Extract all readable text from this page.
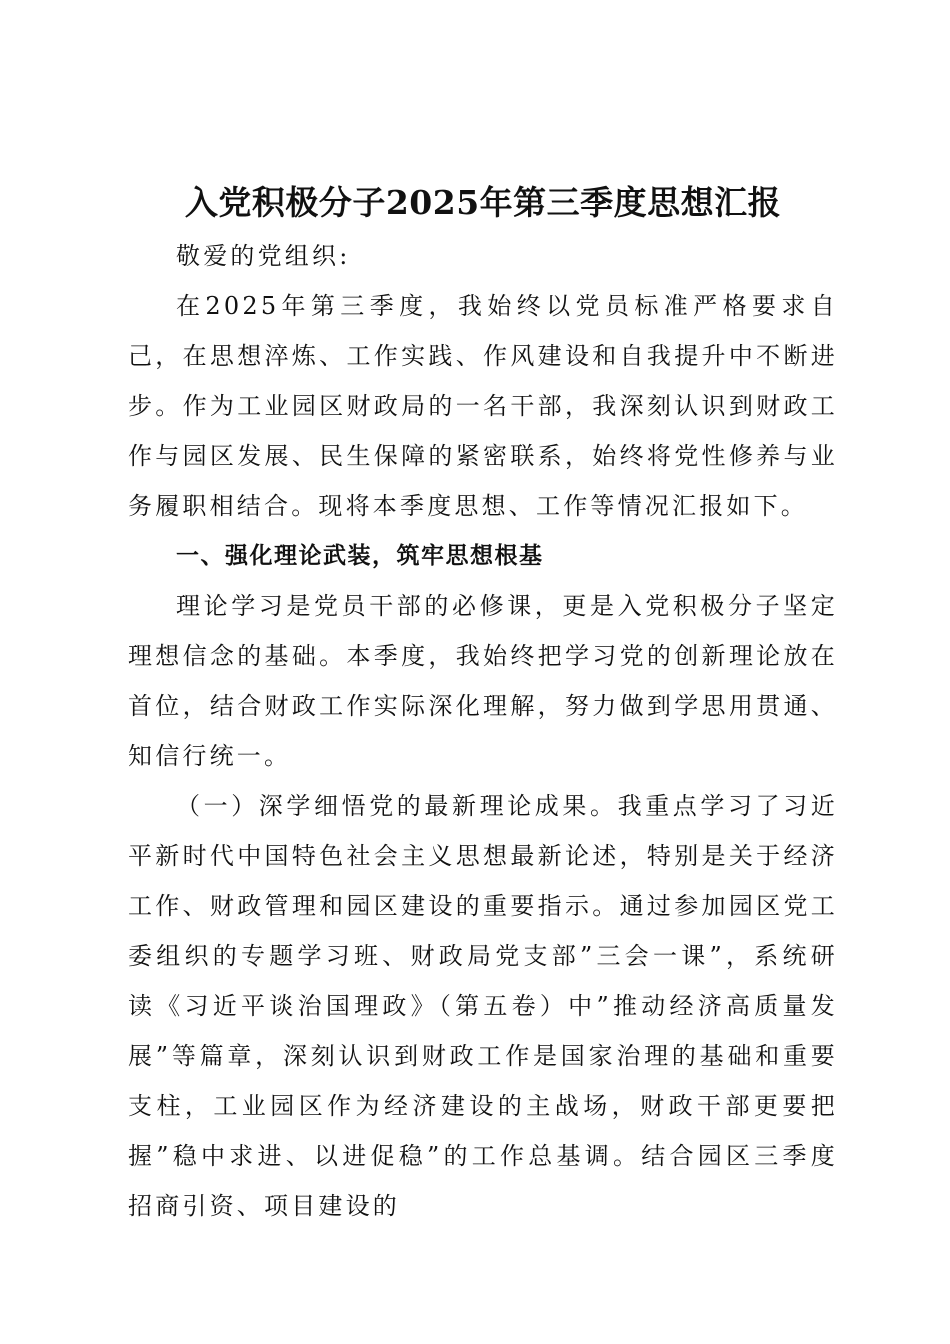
入党积极分子2025年第三季度思想汇报

敬爱的党组织:

在2025年第三季度，我始终以党员标准严格要求自己，在思想淬炼、工作实践、作风建设和自我提升中不断进步。作为工业园区财政局的一名干部，我深刻认识到财政工作与园区发展、民生保障的紧密联系，始终将党性修养与业务履职相结合。现将本季度思想、工作等情况汇报如下。

一、强化理论武装，筑牢思想根基

理论学习是党员干部的必修课，更是入党积极分子坚定理想信念的基础。本季度，我始终把学习党的创新理论放在首位，结合财政工作实际深化理解，努力做到学思用贯通、知信行统一。

（一）深学细悟党的最新理论成果。我重点学习了习近平新时代中国特色社会主义思想最新论述，特别是关于经济工作、财政管理和园区建设的重要指示。通过参加园区党工委组织的专题学习班、财政局党支部”三会一课”，系统研读《习近平谈治国理政》（第五卷）中”推动经济高质量发展”等篇章，深刻认识到财政工作是国家治理的基础和重要支柱，工业园区作为经济建设的主战场，财政干部更要把握”稳中求进、以进促稳”的工作总基调。结合园区三季度招商引资、项目建设的
